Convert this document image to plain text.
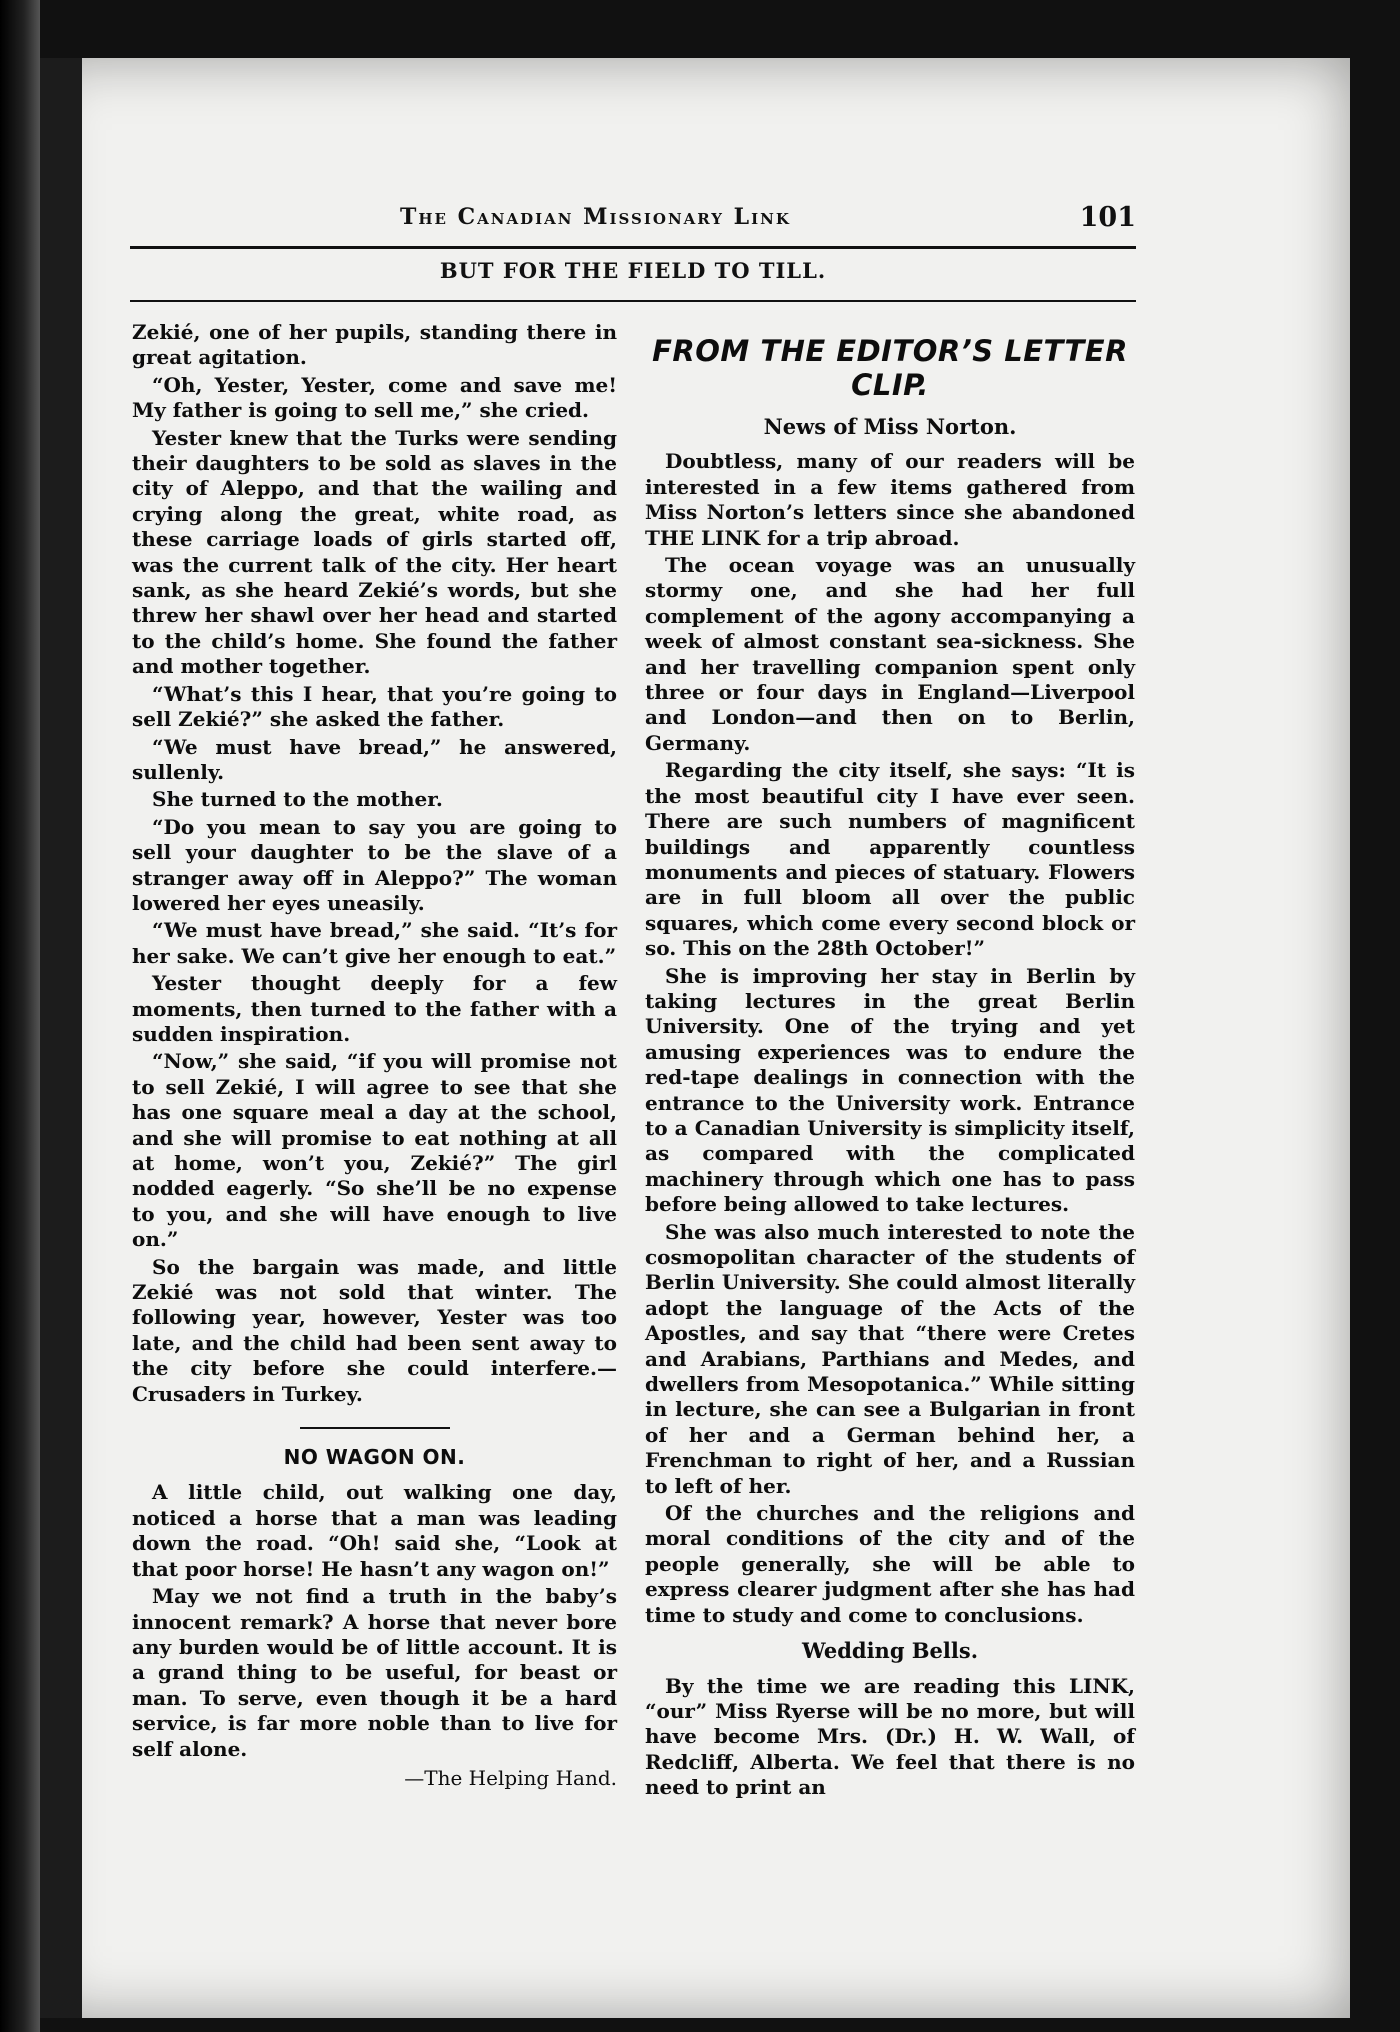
The Canadian Missionary Link	101
BUT FOR THE FIELD TO TILL.

Zekié, one of her pupils, standing there in great agitation.

“Oh, Yester, Yester, come and save me! My father is going to sell me,” she cried.

Yester knew that the Turks were sending their daughters to be sold as slaves in the city of Aleppo, and that the wailing and crying along the great, white road, as these carriage loads of girls started off, was the current talk of the city. Her heart sank, as she heard Zekié’s words, but she threw her shawl over her head and started to the child’s home. She found the father and mother together.

“What’s this I hear, that you’re going to sell Zekié?” she asked the father.

“We must have bread,” he answered, sullenly.

She turned to the mother.

“Do you mean to say you are going to sell your daughter to be the slave of a stranger away off in Aleppo?” The woman lowered her eyes uneasily.

“We must have bread,” she said. “It’s for her sake. We can’t give her enough to eat.”

Yester thought deeply for a few moments, then turned to the father with a sudden inspiration.

“Now,” she said, “if you will promise not to sell Zekié, I will agree to see that she has one square meal a day at the school, and she will promise to eat nothing at all at home, won’t you, Zekié?” The girl nodded eagerly. “So she’ll be no expense to you, and she will have enough to live on.”

So the bargain was made, and little Zekié was not sold that winter. The following year, however, Yester was too late, and the child had been sent away to the city before she could interfere.—Crusaders in Turkey.

NO WAGON ON.

A little child, out walking one day, noticed a horse that a man was leading down the road. “Oh! said she, “Look at that poor horse! He hasn’t any wagon on!”

May we not find a truth in the baby’s innocent remark? A horse that never bore any burden would be of little account. It is a grand thing to be useful, for beast or man. To serve, even though it be a hard service, is far more noble than to live for self alone.

—The Helping Hand.
FROM THE EDITOR’S LETTER CLIP.
News of Miss Norton.

Doubtless, many of our readers will be interested in a few items gathered from Miss Norton’s letters since she abandoned THE LINK for a trip abroad.

The ocean voyage was an unusually stormy one, and she had her full complement of the agony accompanying a week of almost constant sea-sickness. She and her travelling companion spent only three or four days in England—Liverpool and London—and then on to Berlin, Germany.

Regarding the city itself, she says: “It is the most beautiful city I have ever seen. There are such numbers of magnificent buildings and apparently countless monuments and pieces of statuary. Flowers are in full bloom all over the public squares, which come every second block or so. This on the 28th October!”

She is improving her stay in Berlin by taking lectures in the great Berlin University. One of the trying and yet amusing experiences was to endure the red-tape dealings in connection with the entrance to the University work. Entrance to a Canadian University is simplicity itself, as compared with the complicated machinery through which one has to pass before being allowed to take lectures.

She was also much interested to note the cosmopolitan character of the students of Berlin University. She could almost literally adopt the language of the Acts of the Apostles, and say that “there were Cretes and Arabians, Parthians and Medes, and dwellers from Mesopotanica.” While sitting in lecture, she can see a Bulgarian in front of her and a German behind her, a Frenchman to right of her, and a Russian to left of her.

Of the churches and the religions and moral conditions of the city and of the people generally, she will be able to express clearer judgment after she has had time to study and come to conclusions.

Wedding Bells.

By the time we are reading this LINK, “our” Miss Ryerse will be no more, but will have become Mrs. (Dr.) H. W. Wall, of Redcliff, Alberta. We feel that there is no need to print an
